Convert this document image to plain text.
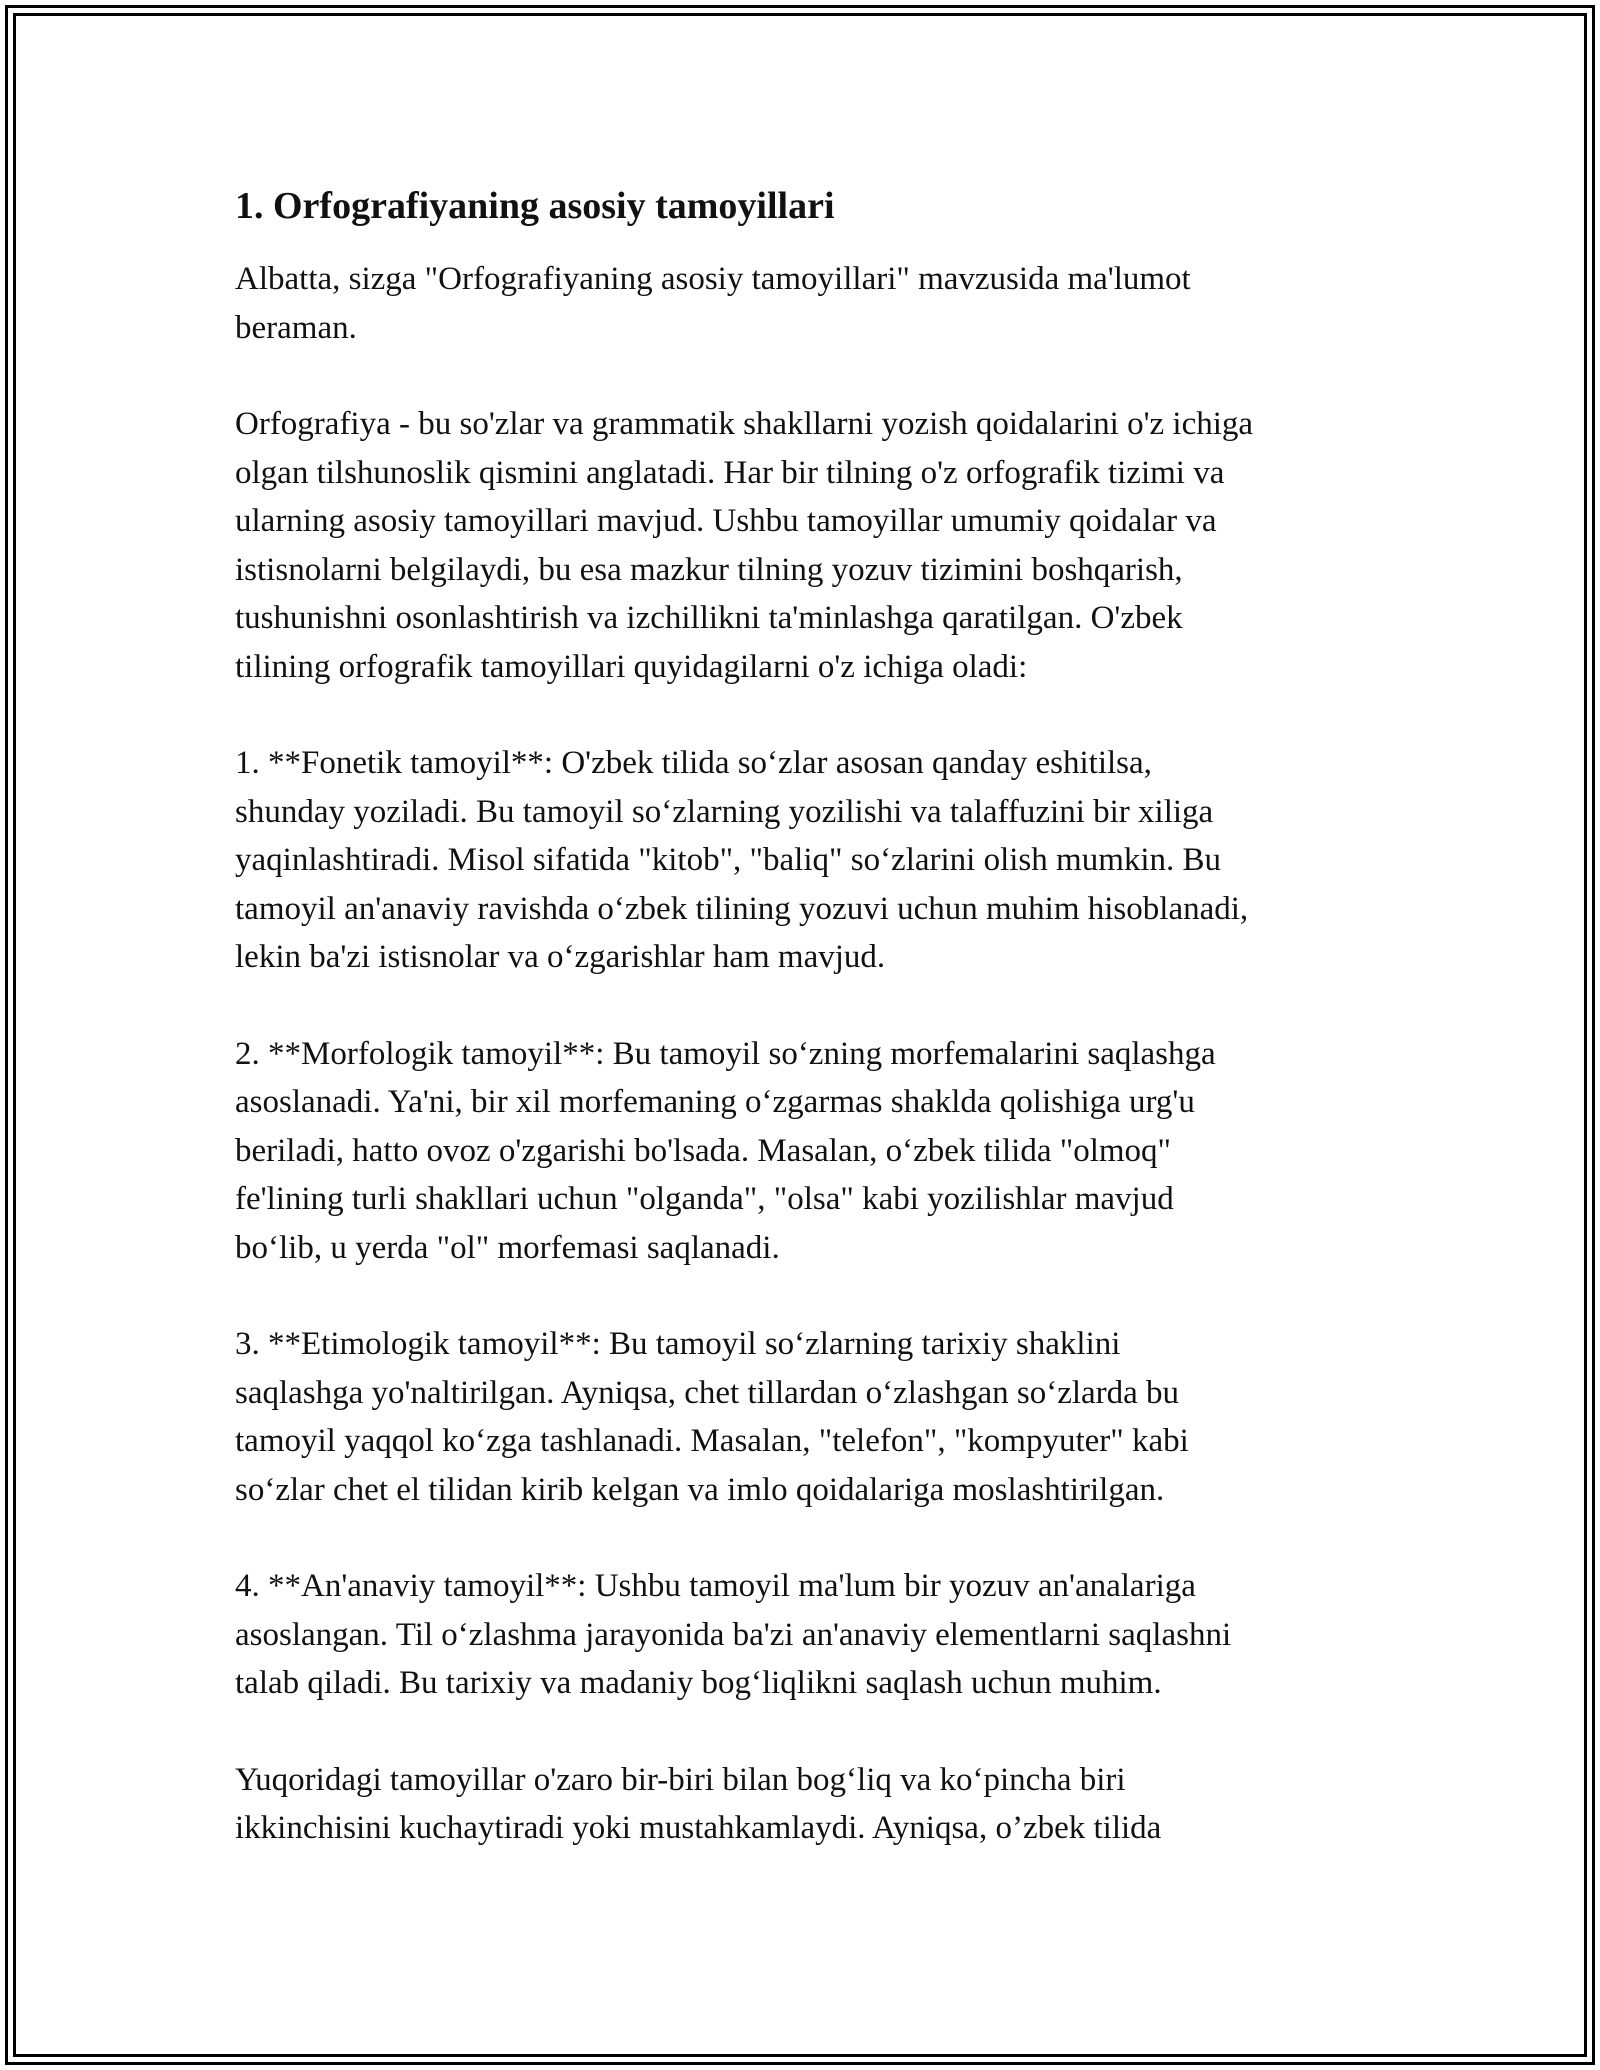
1. Orfografiyaning asosiy tamoyillari

Albatta, sizga "Orfografiyaning asosiy tamoyillari" mavzusida ma'lumot
beraman.

Orfografiya - bu so'zlar va grammatik shakllarni yozish qoidalarini o'z ichiga
olgan tilshunoslik qismini anglatadi. Har bir tilning o'z orfografik tizimi va
ularning asosiy tamoyillari mavjud. Ushbu tamoyillar umumiy qoidalar va
istisnolarni belgilaydi, bu esa mazkur tilning yozuv tizimini boshqarish,
tushunishni osonlashtirish va izchillikni ta'minlashga qaratilgan. O'zbek
tilining orfografik tamoyillari quyidagilarni o'z ichiga oladi:

1. **Fonetik tamoyil**: O'zbek tilida so‘zlar asosan qanday eshitilsa,
shunday yoziladi. Bu tamoyil so‘zlarning yozilishi va talaffuzini bir xiliga
yaqinlashtiradi. Misol sifatida "kitob", "baliq" so‘zlarini olish mumkin. Bu
tamoyil an'anaviy ravishda o‘zbek tilining yozuvi uchun muhim hisoblanadi,
lekin ba'zi istisnolar va o‘zgarishlar ham mavjud.

2. **Morfologik tamoyil**: Bu tamoyil so‘zning morfemalarini saqlashga
asoslanadi. Ya'ni, bir xil morfemaning o‘zgarmas shaklda qolishiga urg'u
beriladi, hatto ovoz o'zgarishi bo'lsada. Masalan, o‘zbek tilida "olmoq"
fe'lining turli shakllari uchun "olganda", "olsa" kabi yozilishlar mavjud
bo‘lib, u yerda "ol" morfemasi saqlanadi.

3. **Etimologik tamoyil**: Bu tamoyil so‘zlarning tarixiy shaklini
saqlashga yo'naltirilgan. Ayniqsa, chet tillardan o‘zlashgan so‘zlarda bu
tamoyil yaqqol ko‘zga tashlanadi. Masalan, "telefon", "kompyuter" kabi
so‘zlar chet el tilidan kirib kelgan va imlo qoidalariga moslashtirilgan.

4. **An'anaviy tamoyil**: Ushbu tamoyil ma'lum bir yozuv an'analariga
asoslangan. Til o‘zlashma jarayonida ba'zi an'anaviy elementlarni saqlashni
talab qiladi. Bu tarixiy va madaniy bog‘liqlikni saqlash uchun muhim.

Yuqoridagi tamoyillar o'zaro bir-biri bilan bog‘liq va ko‘pincha biri
ikkinchisini kuchaytiradi yoki mustahkamlaydi. Ayniqsa, o’zbek tilida
